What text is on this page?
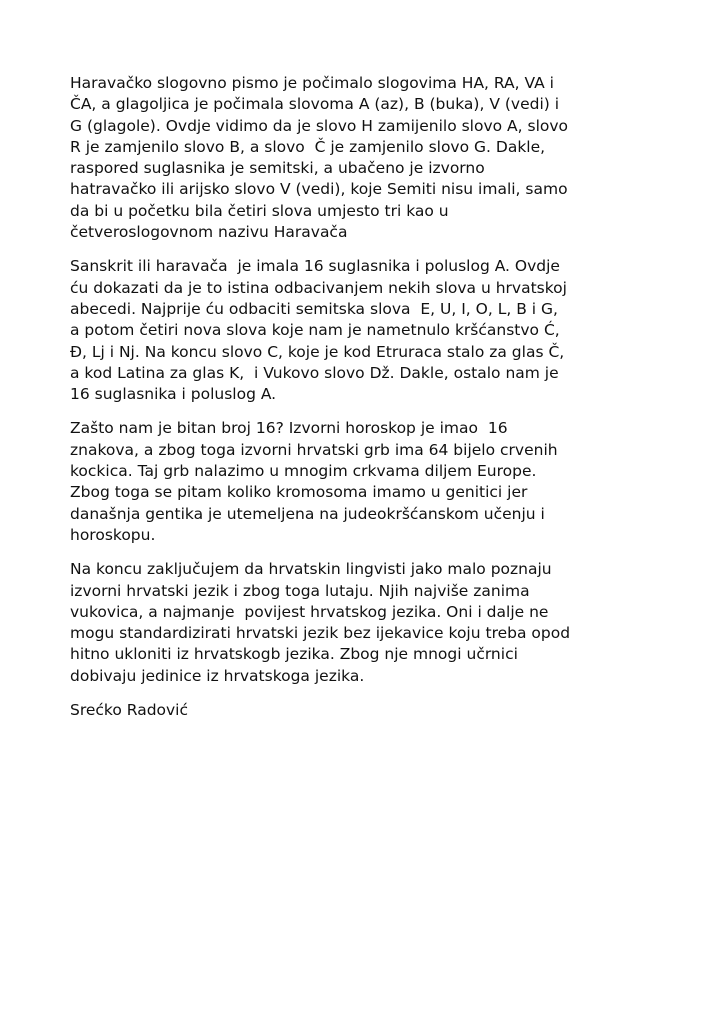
Haravačko slogovno pismo je počimalo slogovima HA, RA, VA i
ČA, a glagoljica je počimala slovoma A (az), B (buka), V (vedi) i
G (glagole). Ovdje vidimo da je slovo H zamijenilo slovo A, slovo
R je zamjenilo slovo B, a slovo  Č je zamjenilo slovo G. Dakle,
raspored suglasnika je semitski, a ubačeno je izvorno
hatravačko ili arijsko slovo V (vedi), koje Semiti nisu imali, samo
da bi u početku bila četiri slova umjesto tri kao u
četveroslogovnom nazivu Haravača
Sanskrit ili haravača  je imala 16 suglasnika i poluslog A. Ovdje
ću dokazati da je to istina odbacivanjem nekih slova u hrvatskoj
abecedi. Najprije ću odbaciti semitska slova  E, U, I, O, L, B i G,
a potom četiri nova slova koje nam je nametnulo kršćanstvo Ć,
Đ, Lj i Nj. Na koncu slovo C, koje je kod Etruraca stalo za glas Č,
a kod Latina za glas K,  i Vukovo slovo Dž. Dakle, ostalo nam je
16 suglasnika i poluslog A.
Zašto nam je bitan broj 16? Izvorni horoskop je imao  16
znakova, a zbog toga izvorni hrvatski grb ima 64 bijelo crvenih
kockica. Taj grb nalazimo u mnogim crkvama diljem Europe.
Zbog toga se pitam koliko kromosoma imamo u genitici jer
današnja gentika je utemeljena na judeokršćanskom učenju i
horoskopu.
Na koncu zaključujem da hrvatskin lingvisti jako malo poznaju
izvorni hrvatski jezik i zbog toga lutaju. Njih najviše zanima
vukovica, a najmanje  povijest hrvatskog jezika. Oni i dalje ne
mogu standardizirati hrvatski jezik bez ijekavice koju treba opod
hitno ukloniti iz hrvatskogb jezika. Zbog nje mnogi učrnici
dobivaju jedinice iz hrvatskoga jezika.

Srećko Radović
